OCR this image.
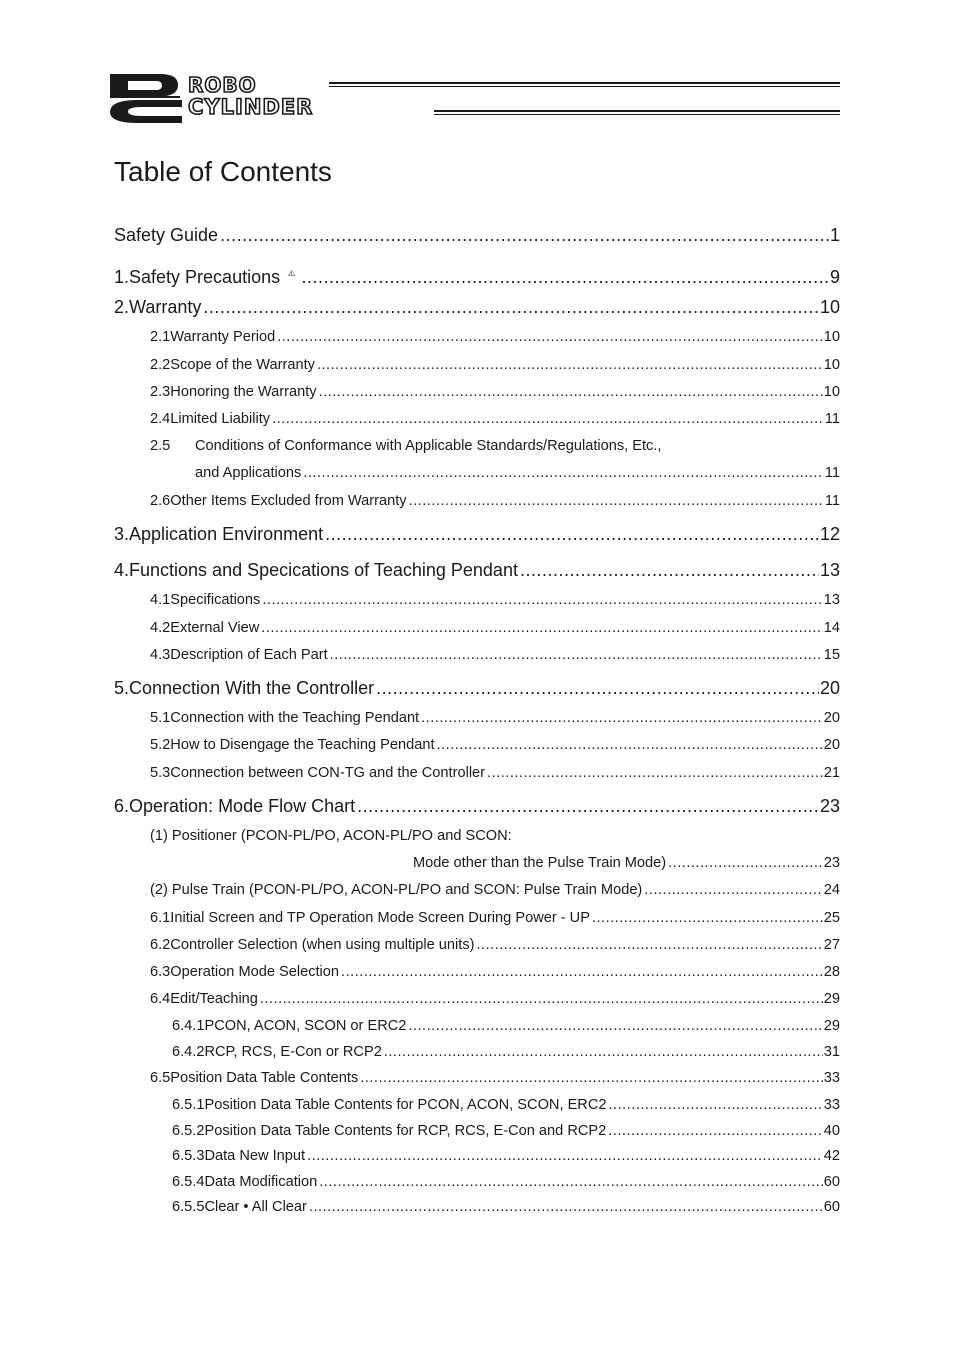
ROBO
CYLINDER
Table of Contents
Safety Guide .....	1
1. Safety Precautions .....	9
2. Warranty .....	10
2.1 Warranty Period .....	10
2.2 Scope of the Warranty .....	10
2.3 Honoring the Warranty .....	10
2.4 Limited Liability .....	11
2.5 Conditions of Conformance with Applicable Standards/Regulations, Etc.,
and Applications .....	11
2.6 Other Items Excluded from Warranty .....	11
3. Application Environment .....	12
4. Functions and Specications of Teaching Pendant .....	13
4.1 Specifications .....	13
4.2 External View .....	14
4.3 Description of Each Part .....	15
5. Connection With the Controller .....	20
5.1 Connection with the Teaching Pendant .....	20
5.2 How to Disengage the Teaching Pendant .....	20
5.3 Connection between CON-TG and the Controller .....	21
6. Operation: Mode Flow Chart .....	23
(1) Positioner (PCON-PL/PO, ACON-PL/PO and SCON:
Mode other than the Pulse Train Mode) .....	23
(2) Pulse Train (PCON-PL/PO, ACON-PL/PO and SCON: Pulse Train Mode) .....	24
6.1 Initial Screen and TP Operation Mode Screen During Power - UP .....	25
6.2 Controller Selection (when using multiple units) .....	27
6.3 Operation Mode Selection .....	28
6.4 Edit/Teaching .....	29
6.4.1 PCON, ACON, SCON or ERC2 .....	29
6.4.2 RCP, RCS, E-Con or RCP2 .....	31
6.5 Position Data Table Contents .....	33
6.5.1 Position Data Table Contents for PCON, ACON, SCON, ERC2 .....	33
6.5.2 Position Data Table Contents for RCP, RCS, E-Con and RCP2 .....	40
6.5.3 Data New Input .....	42
6.5.4 Data Modification .....	60
6.5.5 Clear • All Clear .....	60
